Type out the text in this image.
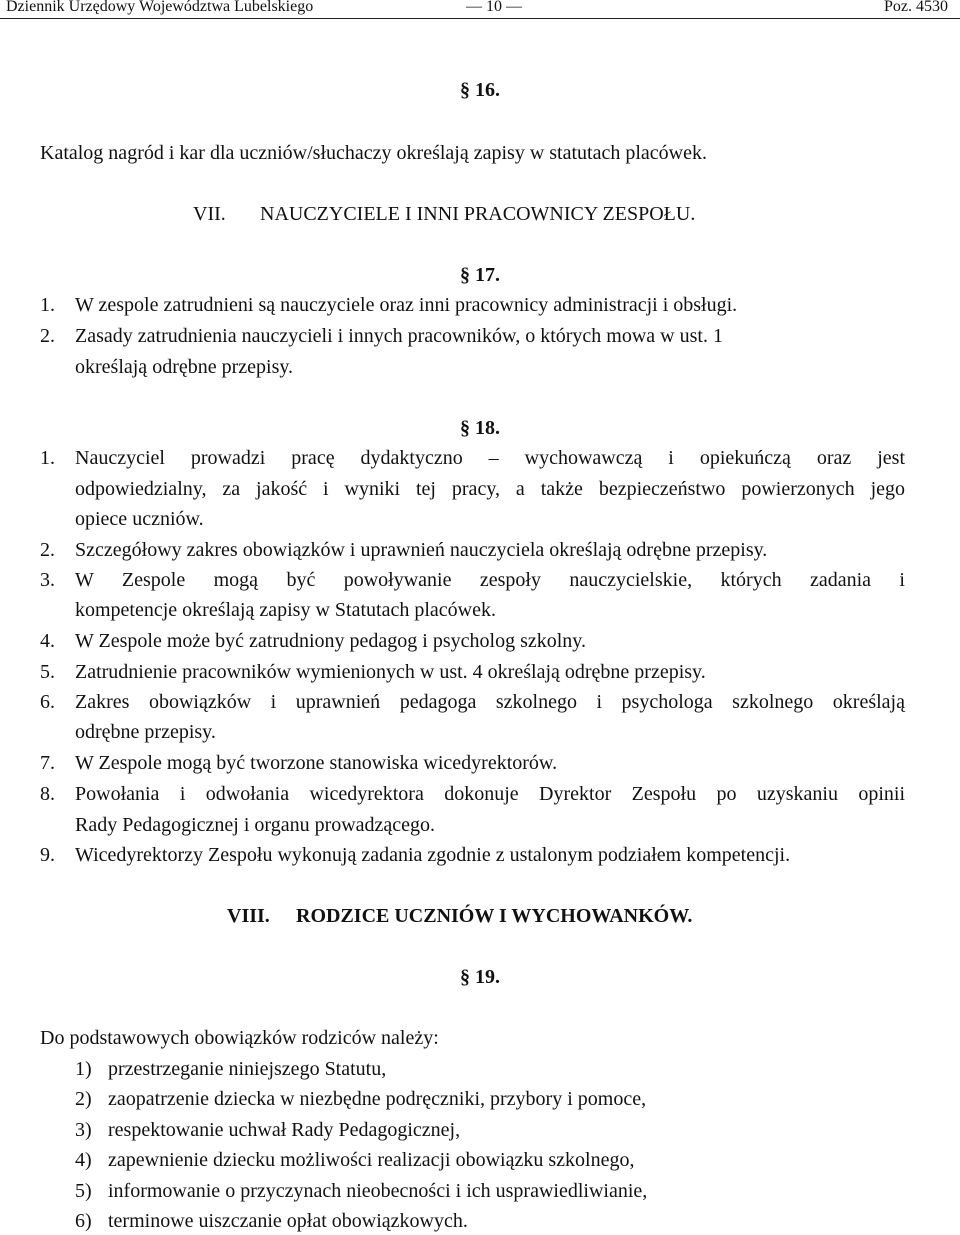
Dziennik Urzędowy Województwa Lubelskiego	— 10 —	Poz. 4530
§ 16.
Katalog nagród i kar dla uczniów/słuchaczy określają zapisy w statutach placówek.
VII. NAUCZYCIELE I INNI PRACOWNICY ZESPOŁU.
§ 17.
1. W zespole zatrudnieni są nauczyciele oraz inni pracownicy administracji i obsługi.
2. Zasady zatrudnienia nauczycieli i innych pracowników, o których mowa w ust. 1
określają odrębne przepisy.
§ 18.
1. Nauczyciel prowadzi pracę dydaktyczno – wychowawczą i opiekuńczą oraz jest
odpowiedzialny, za jakość i wyniki tej pracy, a także bezpieczeństwo powierzonych jego
opiece uczniów.
2. Szczegółowy zakres obowiązków i uprawnień nauczyciela określają odrębne przepisy.
3. W Zespole mogą być powoływanie zespoły nauczycielskie, których zadania i
kompetencje określają zapisy w Statutach placówek.
4. W Zespole może być zatrudniony pedagog i psycholog szkolny.
5. Zatrudnienie pracowników wymienionych w ust. 4 określają odrębne przepisy.
6. Zakres obowiązków i uprawnień pedagoga szkolnego i psychologa szkolnego określają
odrębne przepisy.
7. W Zespole mogą być tworzone stanowiska wicedyrektorów.
8. Powołania i odwołania wicedyrektora dokonuje Dyrektor Zespołu po uzyskaniu opinii
Rady Pedagogicznej i organu prowadzącego.
9. Wicedyrektorzy Zespołu wykonują zadania zgodnie z ustalonym podziałem kompetencji.
VIII. RODZICE UCZNIÓW I WYCHOWANKÓW.
§ 19.
Do podstawowych obowiązków rodziców należy:
1) przestrzeganie niniejszego Statutu,
2) zaopatrzenie dziecka w niezbędne podręczniki, przybory i pomoce,
3) respektowanie uchwał Rady Pedagogicznej,
4) zapewnienie dziecku możliwości realizacji obowiązku szkolnego,
5) informowanie o przyczynach nieobecności i ich usprawiedliwianie,
6) terminowe uiszczanie opłat obowiązkowych.
